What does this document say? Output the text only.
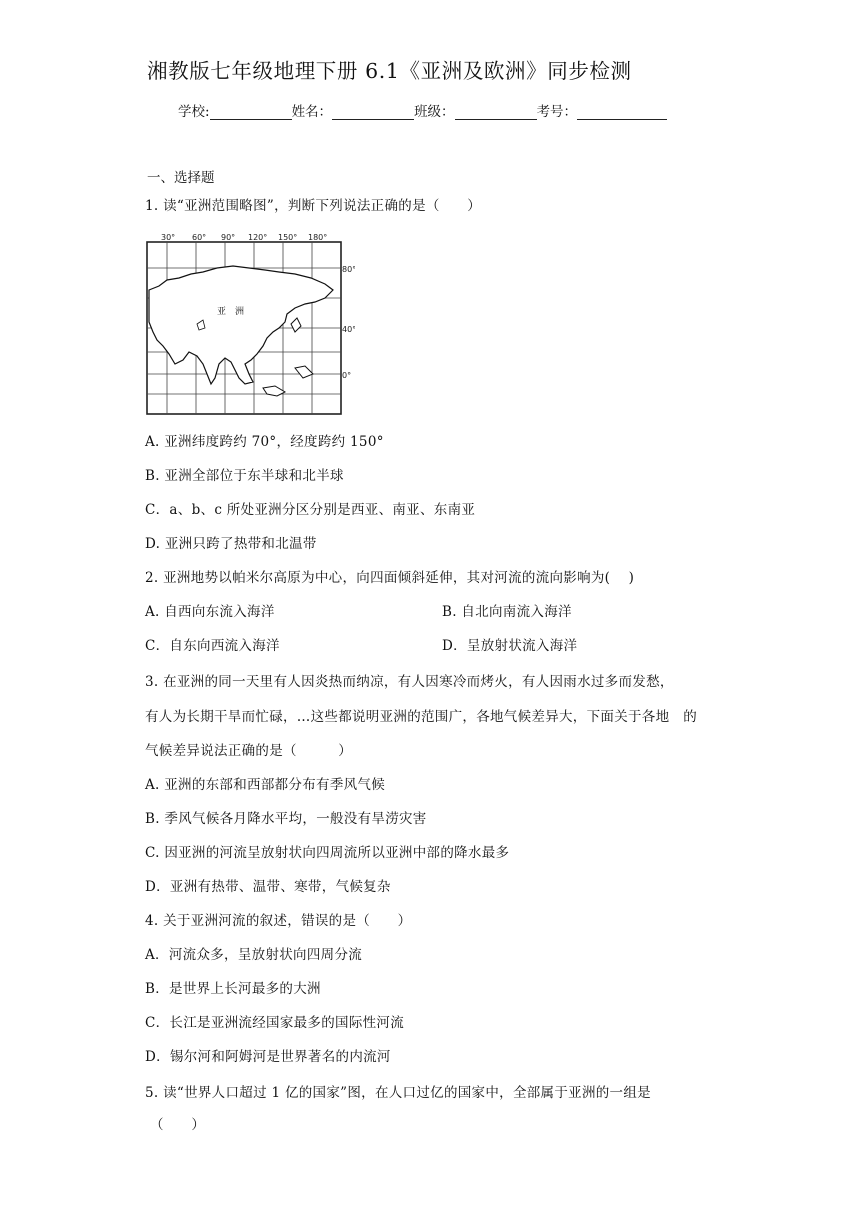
湘教版七年级地理下册 6.1《亚洲及欧洲》同步检测
学校:	姓名：	班级：	考号：
一、选择题
1. 读“亚洲范围略图”，判断下列说法正确的是（　　）
30° 60° 90° 120° 150° 180°
80°
40°
0°
亚　洲
A. 亚洲纬度跨约 70°，经度跨约 150°
B. 亚洲全部位于东半球和北半球
C．a、b、c 所处亚洲分区分别是西亚、南亚、东南亚
D. 亚洲只跨了热带和北温带
2. 亚洲地势以帕米尔高原为中心，向四面倾斜延伸，其对河流的流向影响为(　 )
A. 自西向东流入海洋	B. 自北向南流入海洋
C．自东向西流入海洋	D．呈放射状流入海洋
3. 在亚洲的同一天里有人因炎热而纳凉，有人因寒冷而烤火，有人因雨水过多而发愁，
有人为长期干旱而忙碌，…这些都说明亚洲的范围广，各地气候差异大，下面关于各地　的
气候差异说法正确的是（　　　）
A. 亚洲的东部和西部都分布有季风气候
B. 季风气候各月降水平均，一般没有旱涝灾害
C. 因亚洲的河流呈放射状向四周流所以亚洲中部的降水最多
D．亚洲有热带、温带、寒带，气候复杂
4. 关于亚洲河流的叙述，错误的是（　　）
A．河流众多，呈放射状向四周分流
B．是世界上长河最多的大洲
C．长江是亚洲流经国家最多的国际性河流
D．锡尔河和阿姆河是世界著名的内流河
5. 读“世界人口超过 1 亿的国家”图，在人口过亿的国家中，全部属于亚洲的一组是
（　　）
